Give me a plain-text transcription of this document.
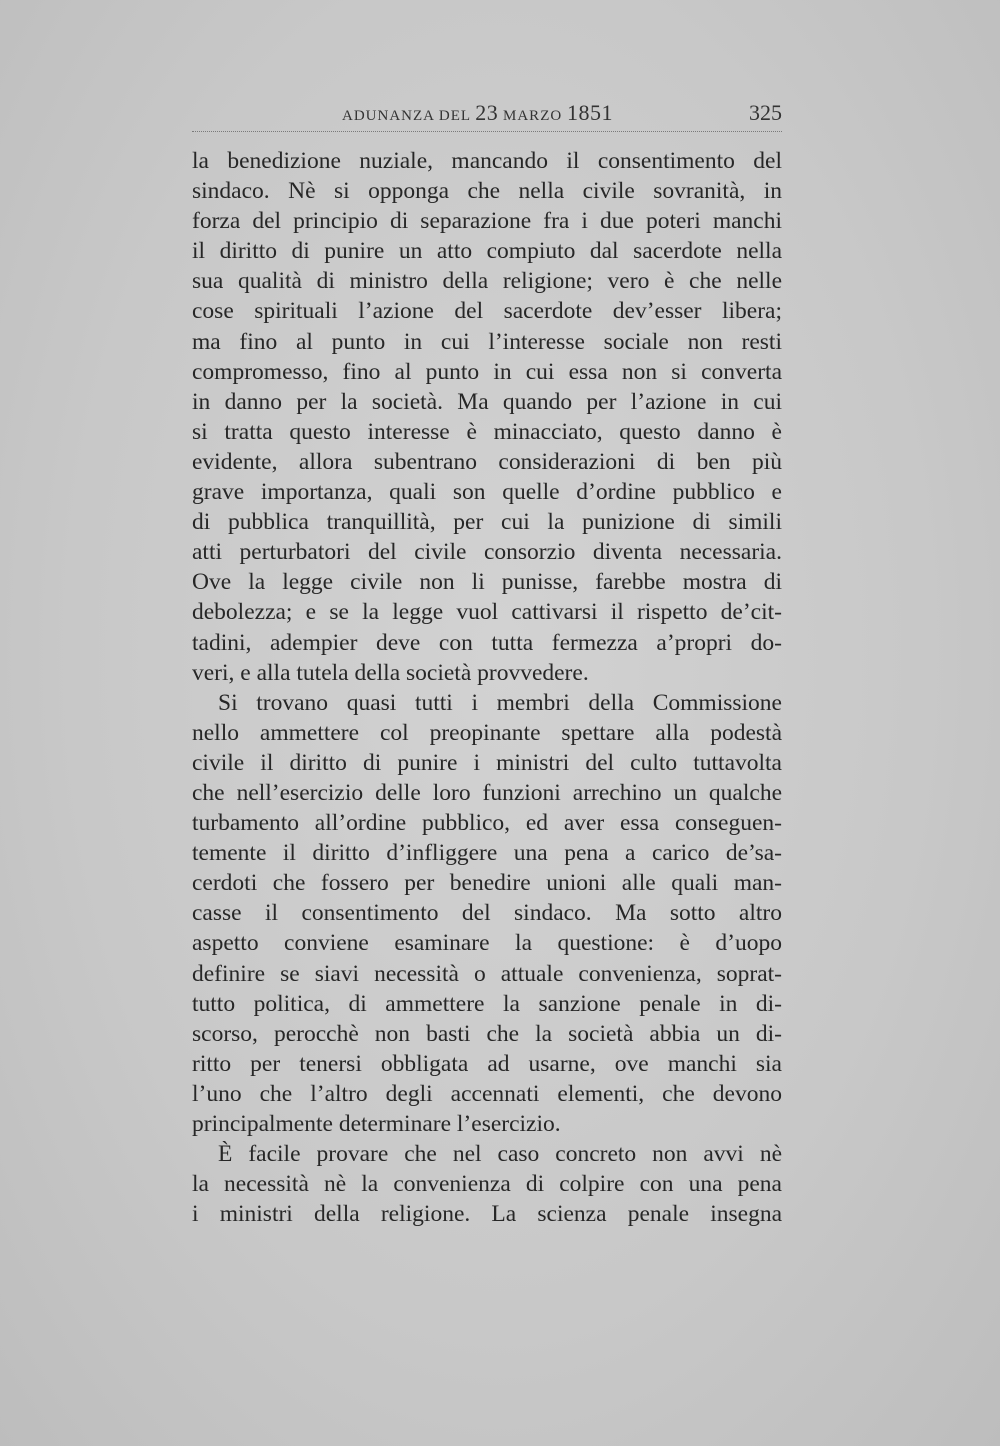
ADUNANZA DEL 23 MARZO 1851	325
la benedizione nuziale, mancando il consentimento del
sindaco. Nè si opponga che nella civile sovranità, in
forza del principio di separazione fra i due poteri manchi
il diritto di punire un atto compiuto dal sacerdote nella
sua qualità di ministro della religione; vero è che nelle
cose spirituali l’azione del sacerdote dev’esser libera;
ma fino al punto in cui l’interesse sociale non resti
compromesso, fino al punto in cui essa non si converta
in danno per la società. Ma quando per l’azione in cui
si tratta questo interesse è minacciato, questo danno è
evidente, allora subentrano considerazioni di ben più
grave importanza, quali son quelle d’ordine pubblico e
di pubblica tranquillità, per cui la punizione di simili
atti perturbatori del civile consorzio diventa necessaria.
Ove la legge civile non li punisse, farebbe mostra di
debolezza; e se la legge vuol cattivarsi il rispetto de’cit-
tadini, adempier deve con tutta fermezza a’propri do-
veri, e alla tutela della società provvedere.
Si trovano quasi tutti i membri della Commissione
nello ammettere col preopinante spettare alla podestà
civile il diritto di punire i ministri del culto tuttavolta
che nell’esercizio delle loro funzioni arrechino un qualche
turbamento all’ordine pubblico, ed aver essa conseguen-
temente il diritto d’infliggere una pena a carico de’sa-
cerdoti che fossero per benedire unioni alle quali man-
casse il consentimento del sindaco. Ma sotto altro
aspetto conviene esaminare la questione: è d’uopo
definire se siavi necessità o attuale convenienza, soprat-
tutto politica, di ammettere la sanzione penale in di-
scorso, perocchè non basti che la società abbia un di-
ritto per tenersi obbligata ad usarne, ove manchi sia
l’uno che l’altro degli accennati elementi, che devono
principalmente determinare l’esercizio.
È facile provare che nel caso concreto non avvi nè
la necessità nè la convenienza di colpire con una pena
i ministri della religione. La scienza penale insegna
